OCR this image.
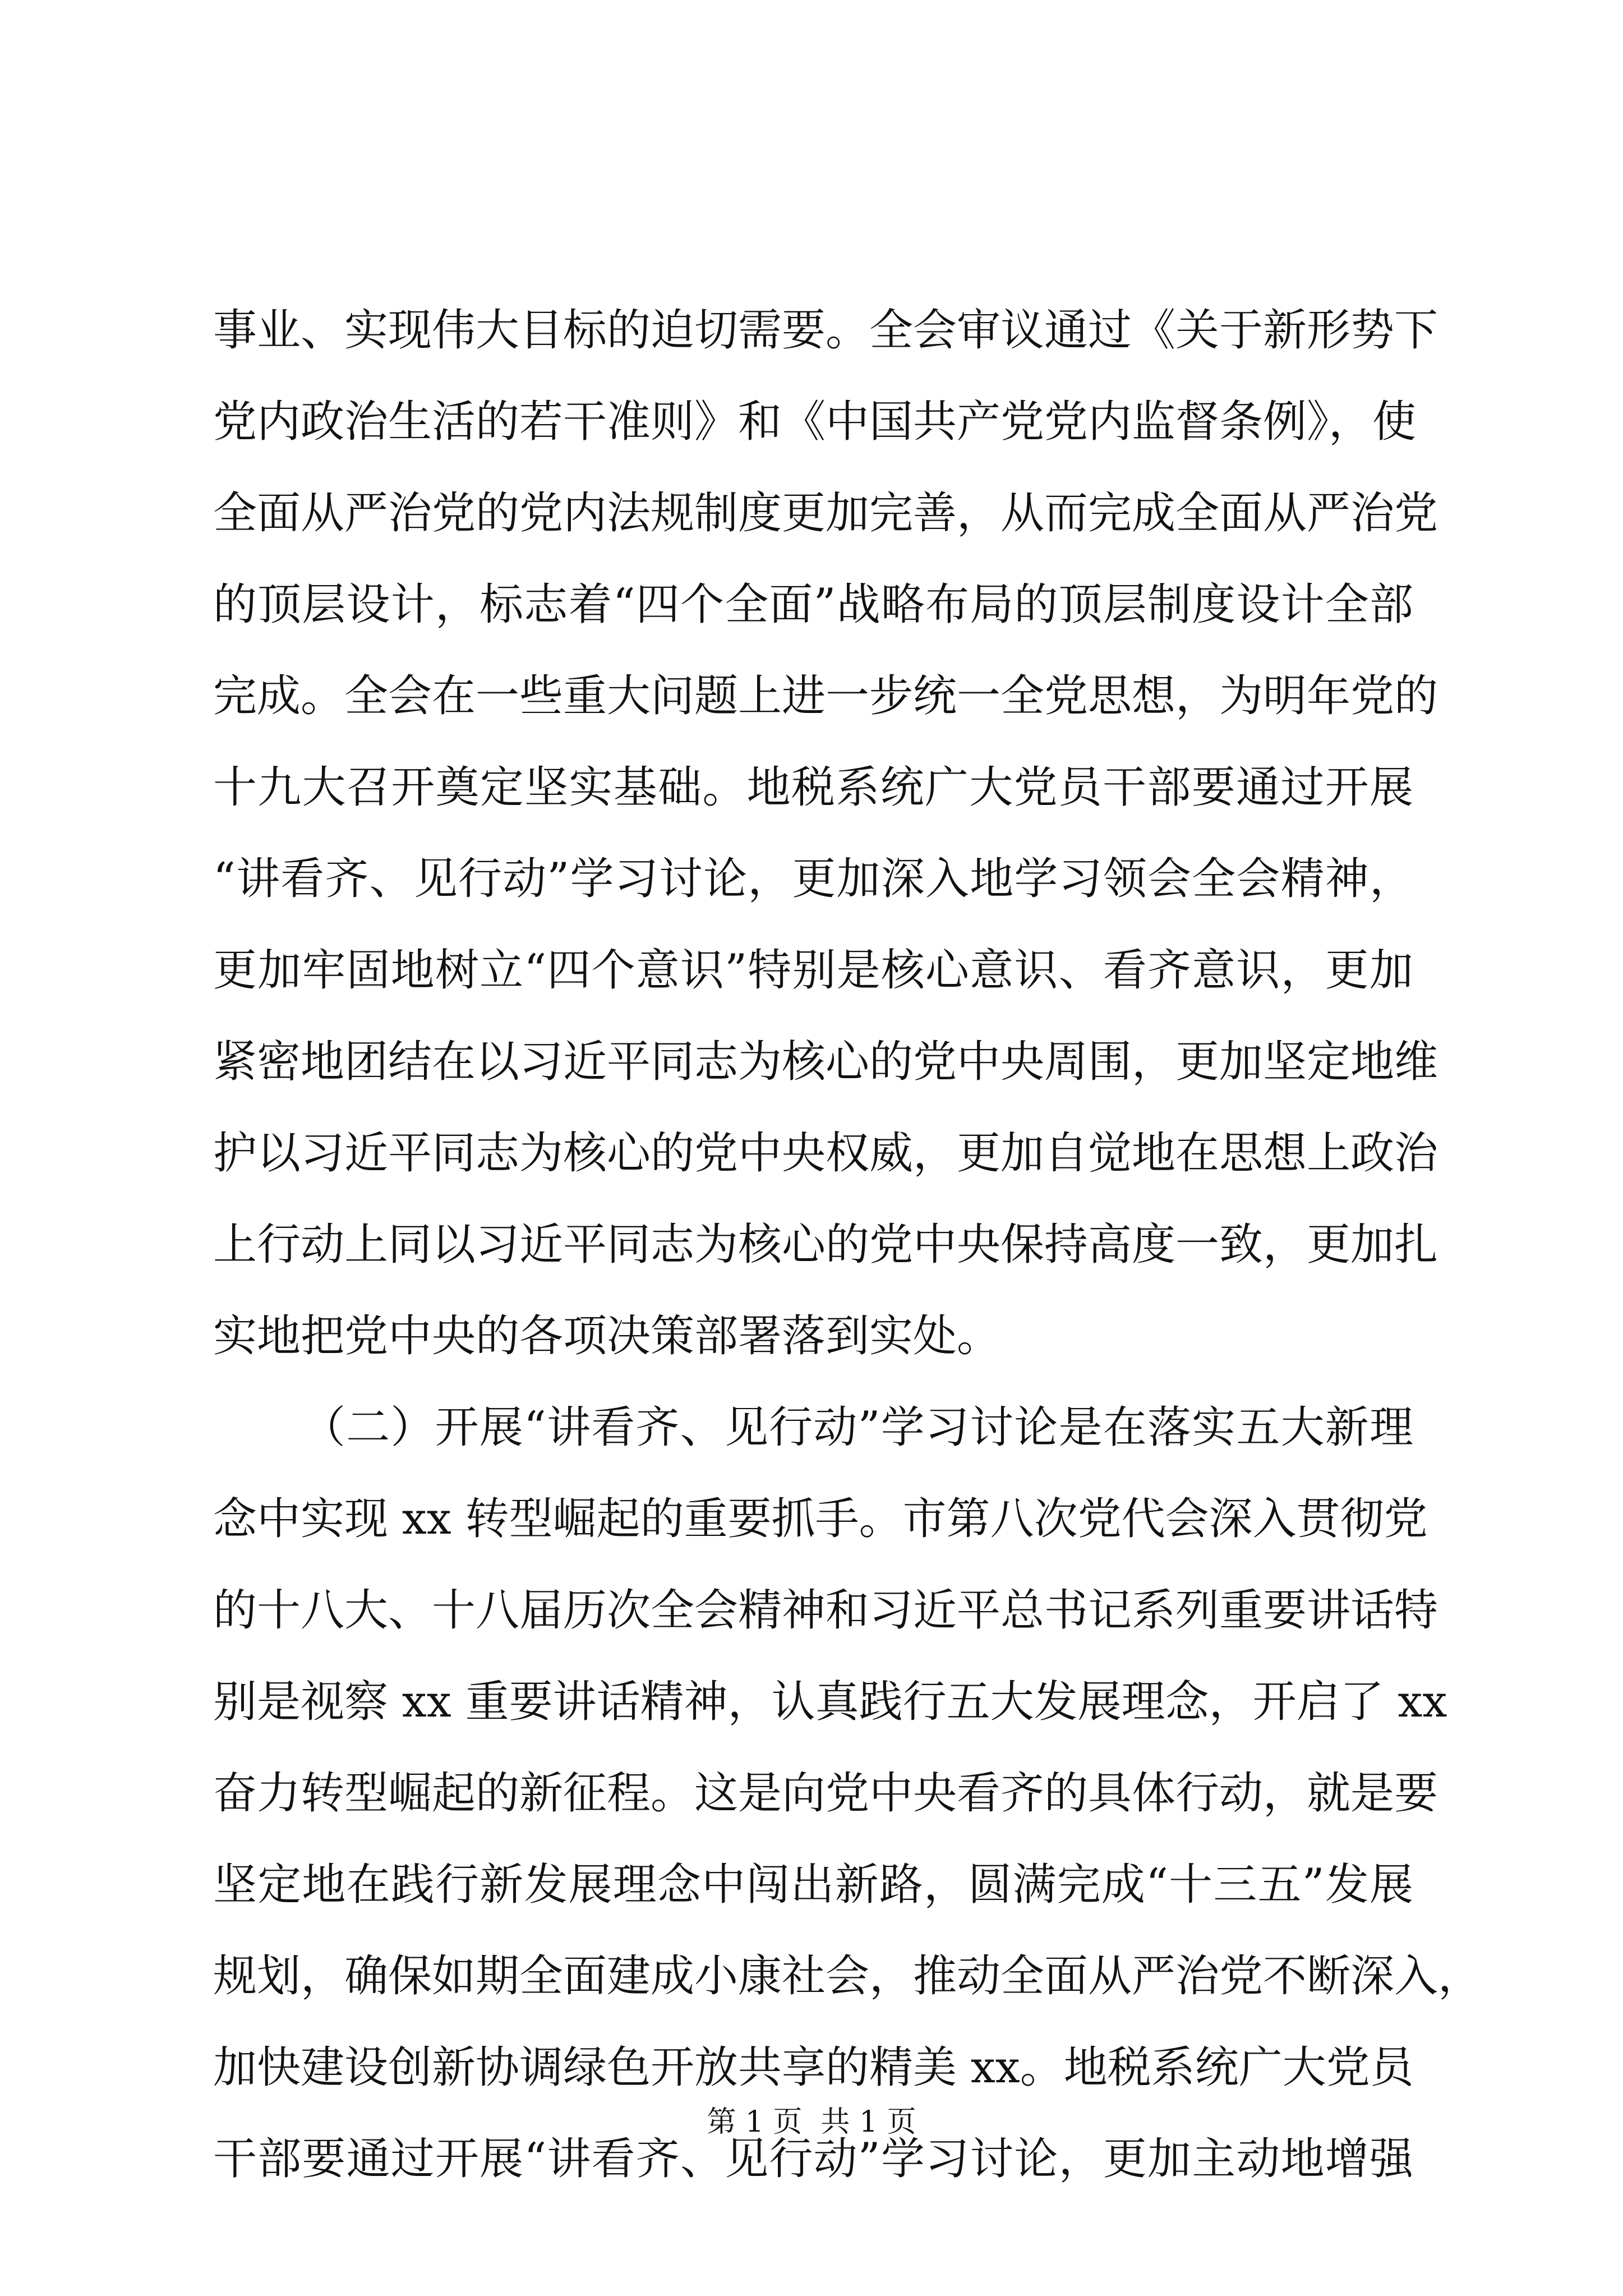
事业、实现伟大目标的迫切需要。全会审议通过《关于新形势下
党内政治生活的若干准则》和《中国共产党党内监督条例》，使
全面从严治党的党内法规制度更加完善，从而完成全面从严治党
的顶层设计，标志着“四个全面”战略布局的顶层制度设计全部
完成。全会在一些重大问题上进一步统一全党思想，为明年党的
十九大召开奠定坚实基础。地税系统广大党员干部要通过开展
“讲看齐、见行动”学习讨论，更加深入地学习领会全会精神，
更加牢固地树立“四个意识”特别是核心意识、看齐意识，更加
紧密地团结在以习近平同志为核心的党中央周围，更加坚定地维
护以习近平同志为核心的党中央权威，更加自觉地在思想上政治
上行动上同以习近平同志为核心的党中央保持高度一致，更加扎
实地把党中央的各项决策部署落到实处。
（二）开展“讲看齐、见行动”学习讨论是在落实五大新理
念中实现 xx 转型崛起的重要抓手。市第八次党代会深入贯彻党
的十八大、十八届历次全会精神和习近平总书记系列重要讲话特
别是视察 xx 重要讲话精神，认真践行五大发展理念，开启了 xx
奋力转型崛起的新征程。这是向党中央看齐的具体行动，就是要
坚定地在践行新发展理念中闯出新路，圆满完成“十三五”发展
规划，确保如期全面建成小康社会，推动全面从严治党不断深入，
加快建设创新协调绿色开放共享的精美 xx。地税系统广大党员
干部要通过开展“讲看齐、见行动”学习讨论，更加主动地增强
第 1 页  共 1 页
